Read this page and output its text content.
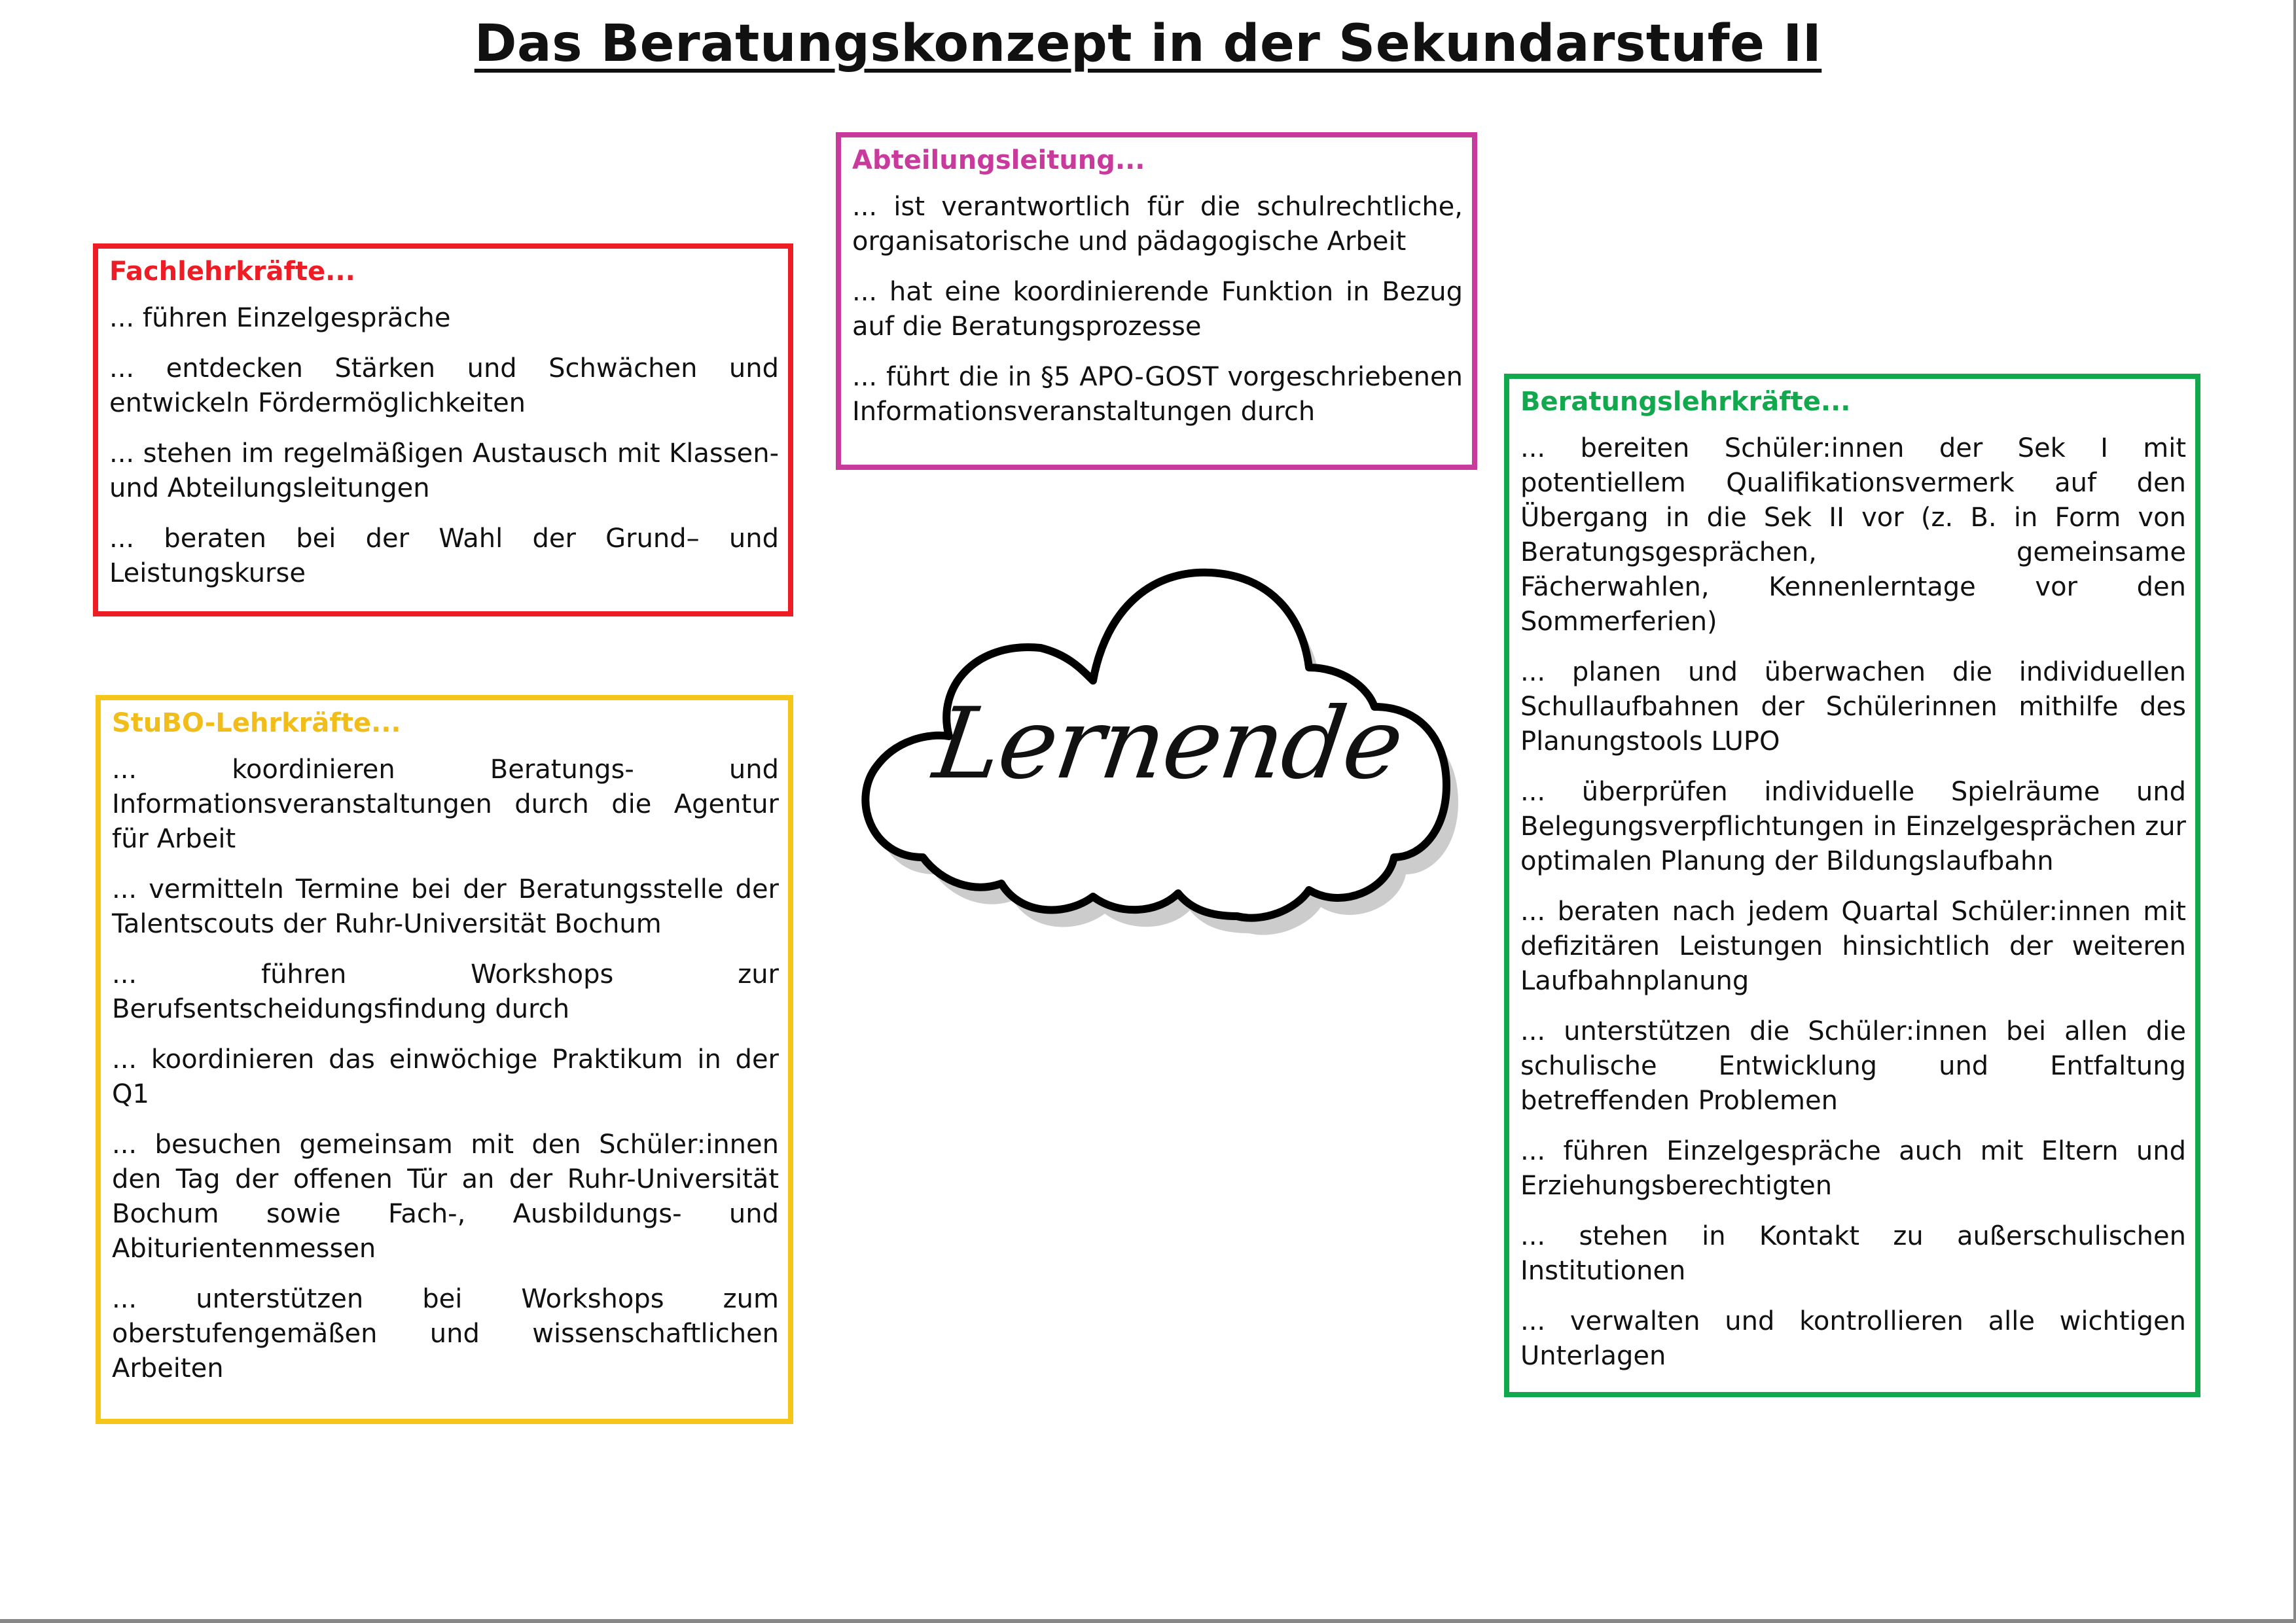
Das Beratungskonzept in der Sekundarstufe II
Fachlehrkräfte...
... führen Einzelgespräche
... entdecken Stärken und Schwächen und entwickeln Fördermöglichkeiten
... stehen im regelmäßigen Austausch mit Klassen- und Abteilungsleitungen
... beraten bei der Wahl der Grund– und Leistungskurse
Abteilungsleitung...
... ist verantwortlich für die schulrechtliche, organisatorische und pädagogische Arbeit
... hat eine koordinierende Funktion in Bezug auf die Beratungsprozesse
... führt die in §5 APO-GOST vorgeschriebenen Informationsveranstaltungen durch
StuBO-Lehrkräfte...
... koordinieren Beratungs- und Informationsveranstaltungen durch die Agentur für Arbeit
... vermitteln Termine bei der Beratungsstelle der Talentscouts der Ruhr-Universität Bochum
... führen Workshops zur Berufsentscheidungsfindung durch
... koordinieren das einwöchige Praktikum in der Q1
... besuchen gemeinsam mit den Schüler:innen den Tag der offenen Tür an der Ruhr-Universität Bochum sowie Fach-, Ausbildungs- und Abiturientenmessen
... unterstützen bei Workshops zum oberstufengemäßen und wissenschaftlichen Arbeiten
Beratungslehrkräfte...
... bereiten Schüler:innen der Sek I mit potentiellem Qualifikationsvermerk auf den Übergang in die Sek II vor (z. B. in Form von Beratungsgesprächen, gemeinsame Fächerwahlen, Kennenlerntage vor den Sommerferien)
... planen und überwachen die individuellen Schullaufbahnen der Schülerinnen mithilfe des Planungstools LUPO
... überprüfen individuelle Spielräume und Belegungsverpflichtungen in Einzelgesprächen zur optimalen Planung der Bildungslaufbahn
... beraten nach jedem Quartal Schüler:innen mit defizitären Leistungen hinsichtlich der weiteren Laufbahnplanung
... unterstützen die Schüler:innen bei allen die schulische Entwicklung und Entfaltung betreffenden Problemen
... führen Einzelgespräche auch mit Eltern und Erziehungsberechtigten
... stehen in Kontakt zu außerschulischen Institutionen
... verwalten und kontrollieren alle wichtigen Unterlagen
Lernende
